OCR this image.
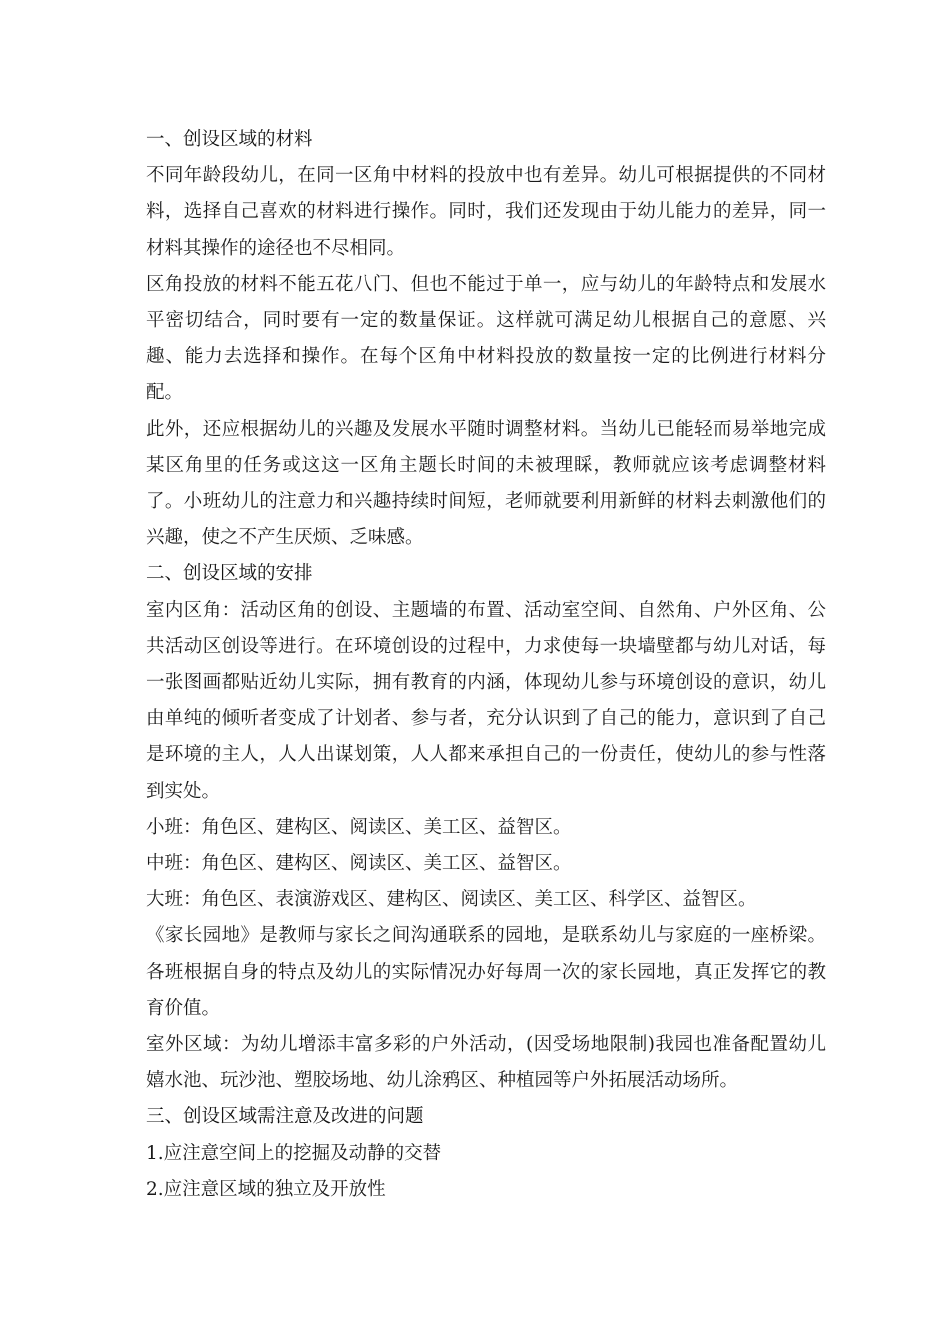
一、创设区域的材料

不同年龄段幼儿，在同一区角中材料的投放中也有差异。幼儿可根据提供的不同材料，选择自己喜欢的材料进行操作。同时，我们还发现由于幼儿能力的差异，同一材料其操作的途径也不尽相同。

区角投放的材料不能五花八门、但也不能过于单一，应与幼儿的年龄特点和发展水平密切结合，同时要有一定的数量保证。这样就可满足幼儿根据自己的意愿、兴趣、能力去选择和操作。在每个区角中材料投放的数量按一定的比例进行材料分配。

此外，还应根据幼儿的兴趣及发展水平随时调整材料。当幼儿已能轻而易举地完成某区角里的任务或这这一区角主题长时间的未被理睬，教师就应该考虑调整材料了。小班幼儿的注意力和兴趣持续时间短，老师就要利用新鲜的材料去刺激他们的兴趣，使之不产生厌烦、乏味感。

二、创设区域的安排

室内区角：活动区角的创设、主题墙的布置、活动室空间、自然角、户外区角、公共活动区创设等进行。在环境创设的过程中，力求使每一块墙壁都与幼儿对话，每一张图画都贴近幼儿实际，拥有教育的内涵，体现幼儿参与环境创设的意识，幼儿由单纯的倾听者变成了计划者、参与者，充分认识到了自己的能力，意识到了自己是环境的主人，人人出谋划策，人人都来承担自己的一份责任，使幼儿的参与性落到实处。

小班：角色区、建构区、阅读区、美工区、益智区。

中班：角色区、建构区、阅读区、美工区、益智区。

大班：角色区、表演游戏区、建构区、阅读区、美工区、科学区、益智区。

《家长园地》是教师与家长之间沟通联系的园地，是联系幼儿与家庭的一座桥梁。各班根据自身的特点及幼儿的实际情况办好每周一次的家长园地，真正发挥它的教育价值。

室外区域：为幼儿增添丰富多彩的户外活动，(因受场地限制)我园也准备配置幼儿嬉水池、玩沙池、塑胶场地、幼儿涂鸦区、种植园等户外拓展活动场所。

三、创设区域需注意及改进的问题

1.应注意空间上的挖掘及动静的交替

2.应注意区域的独立及开放性
